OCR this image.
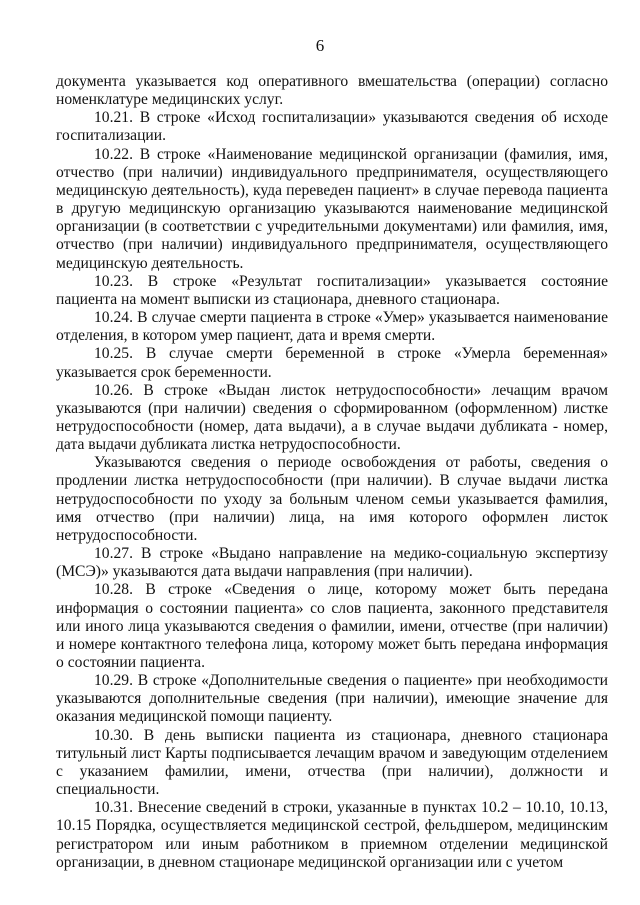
6

документа указывается код оперативного вмешательства (операции) согласно номенклатуре медицинских услуг.

10.21. В строке «Исход госпитализации» указываются сведения об исходе госпитализации.

10.22. В строке «Наименование медицинской организации (фамилия, имя, отчество (при наличии) индивидуального предпринимателя, осуществляющего медицинскую деятельность), куда переведен пациент» в случае перевода пациента в другую медицинскую организацию указываются наименование медицинской организации (в соответствии с учредительными документами) или фамилия, имя, отчество (при наличии) индивидуального предпринимателя, осуществляющего медицинскую деятельность.

10.23. В строке «Результат госпитализации» указывается состояние пациента на момент выписки из стационара, дневного стационара.

10.24. В случае смерти пациента в строке «Умер» указывается наименование отделения, в котором умер пациент, дата и время смерти.

10.25. В случае смерти беременной в строке «Умерла беременная» указывается срок беременности.

10.26. В строке «Выдан листок нетрудоспособности» лечащим врачом указываются (при наличии) сведения о сформированном (оформленном) листке нетрудоспособности (номер, дата выдачи), а в случае выдачи дубликата - номер, дата выдачи дубликата листка нетрудоспособности.

Указываются сведения о периоде освобождения от работы, сведения о продлении листка нетрудоспособности (при наличии). В случае выдачи листка нетрудоспособности по уходу за больным членом семьи указывается фамилия, имя отчество (при наличии) лица, на имя которого оформлен листок нетрудоспособности.

10.27. В строке «Выдано направление на медико-социальную экспертизу (МСЭ)» указываются дата выдачи направления (при наличии).

10.28. В строке «Сведения о лице, которому может быть передана информация о состоянии пациента» со слов пациента, законного представителя или иного лица указываются сведения о фамилии, имени, отчестве (при наличии) и номере контактного телефона лица, которому может быть передана информация о состоянии пациента.

10.29. В строке «Дополнительные сведения о пациенте» при необходимости указываются дополнительные сведения (при наличии), имеющие значение для оказания медицинской помощи пациенту.

10.30. В день выписки пациента из стационара, дневного стационара титульный лист Карты подписывается лечащим врачом и заведующим отделением с указанием фамилии, имени, отчества (при наличии), должности и специальности.

10.31. Внесение сведений в строки, указанные в пунктах 10.2 – 10.10, 10.13, 10.15 Порядка, осуществляется медицинской сестрой, фельдшером, медицинским регистратором или иным работником в приемном отделении медицинской организации, в дневном стационаре медицинской организации или с учетом
